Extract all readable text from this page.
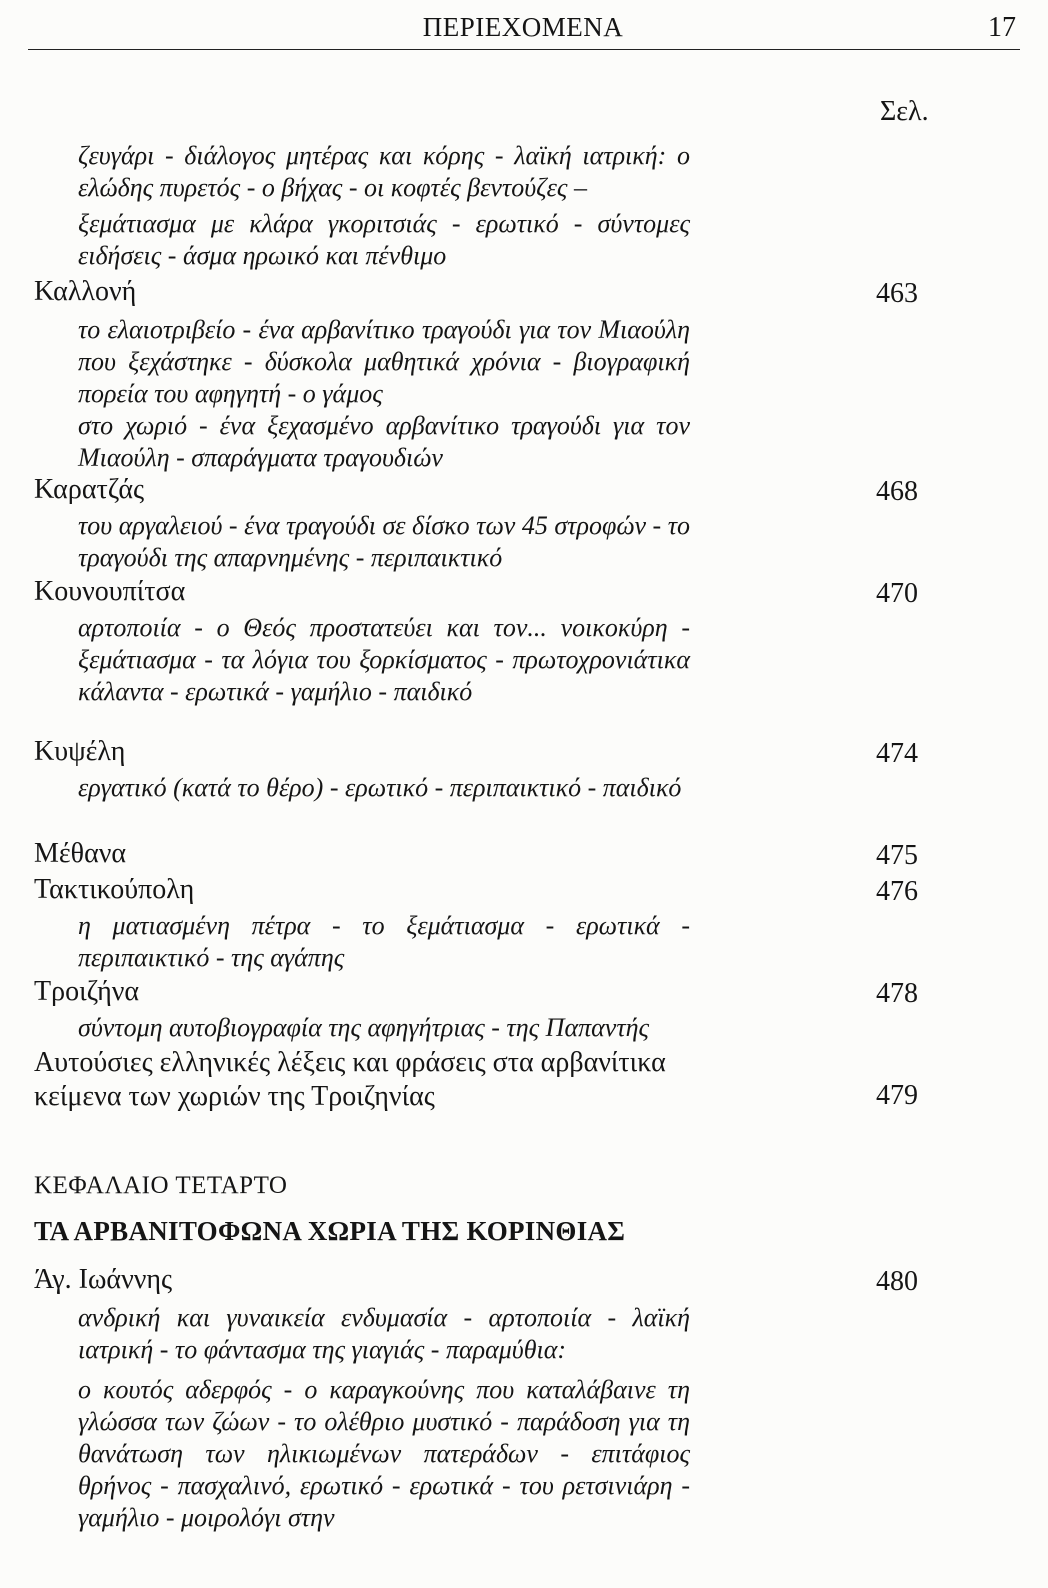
ΠΕΡΙΕΧΟΜΕΝΑ	17
Σελ.

ζευγάρι - διάλογος μητέρας και κόρης - λαϊκή ιατρική: ο ελώδης πυρετός - ο βήχας - οι κοφτές βεντούζες –

ξεμάτιασμα με κλάρα γκοριτσιάς - ερωτικό - σύντομες ειδήσεις - άσμα ηρωικό και πένθιμο

Καλλονή	463

το ελαιοτριβείο - ένα αρβανίτικο τραγούδι για τον Μιαούλη που ξεχάστηκε - δύσκολα μαθητικά χρόνια - βιογραφική πορεία του αφηγητή - ο γάμος

στο χωριό - ένα ξεχασμένο αρβανίτικο τραγούδι για τον Μιαούλη - σπαράγματα τραγουδιών

Καρατζάς	468

του αργαλειού - ένα τραγούδι σε δίσκο των 45 στροφών - το τραγούδι της απαρνημένης - περιπαικτικό

Κουνουπίτσα	470

αρτοποιία - ο Θεός προστατεύει και τον... νοικοκύρη - ξεμάτιασμα - τα λόγια του ξορκίσματος - πρωτοχρονιάτικα κάλαντα - ερωτικά - γαμήλιο - παιδικό

Κυψέλη	474

εργατικό (κατά το θέρο) - ερωτικό - περιπαικτικό - παιδικό

Μέθανα	475
Τακτικούπολη	476

η ματιασμένη πέτρα - το ξεμάτιασμα - ερωτικά - περιπαικτικό - της αγάπης

Τροιζήνα	478

σύντομη αυτοβιογραφία της αφηγήτριας - της Παπαντής

Αυτούσιες ελληνικές λέξεις και φράσεις στα αρβανίτικα κείμενα των χωριών της Τροιζηνίας	479
ΚΕΦΑΛΑΙΟ ΤΕΤΑΡΤΟ
ΤΑ ΑΡΒΑΝΙΤΟΦΩΝΑ ΧΩΡΙΑ ΤΗΣ ΚΟΡΙΝΘΙΑΣ
Άγ. Ιωάννης	480

ανδρική και γυναικεία ενδυμασία - αρτοποιία - λαϊκή ιατρική - το φάντασμα της γιαγιάς - παραμύθια:

ο κουτός αδερφός - ο καραγκούνης που καταλάβαινε τη γλώσσα των ζώων - το ολέθριο μυστικό - παράδοση για τη θανάτωση των ηλικιωμένων πατεράδων - επιτάφιος θρήνος - πασχαλινό, ερωτικό - ερωτικά - του ρετσινιάρη - γαμήλιο - μοιρολόγι στην
